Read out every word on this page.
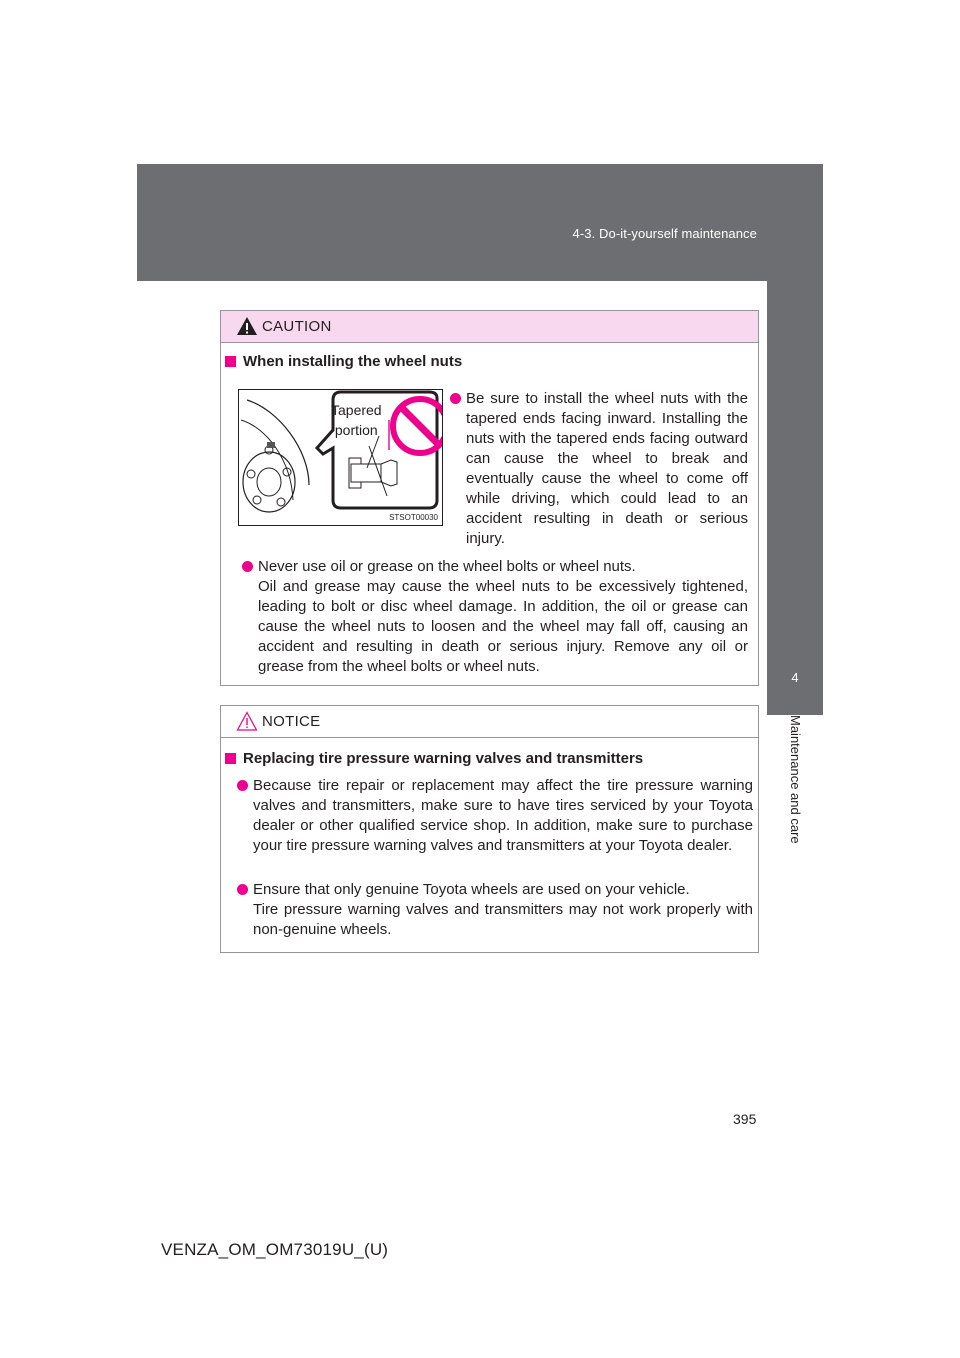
4-3. Do-it-yourself maintenance
4
Maintenance and care
CAUTION
When installing the wheel nuts
Tapered
portion
STSOT00030

Be sure to install the wheel nuts with the tapered ends facing inward. Installing the nuts with the tapered ends facing outward can cause the wheel to break and eventually cause the wheel to come off while driving, which could lead to an accident resulting in death or serious injury.

Never use oil or grease on the wheel bolts or wheel nuts.

Oil and grease may cause the wheel nuts to be excessively tightened, leading to bolt or disc wheel damage. In addition, the oil or grease can cause the wheel nuts to loosen and the wheel may fall off, causing an accident and resulting in death or serious injury. Remove any oil or grease from the wheel bolts or wheel nuts.

NOTICE
Replacing tire pressure warning valves and transmitters

Because tire repair or replacement may affect the tire pressure warning valves and transmitters, make sure to have tires serviced by your Toyota dealer or other qualified service shop. In addition, make sure to purchase your tire pressure warning valves and transmitters at your Toyota dealer.

Ensure that only genuine Toyota wheels are used on your vehicle.

Tire pressure warning valves and transmitters may not work properly with non-genuine wheels.

395
VENZA_OM_OM73019U_(U)
